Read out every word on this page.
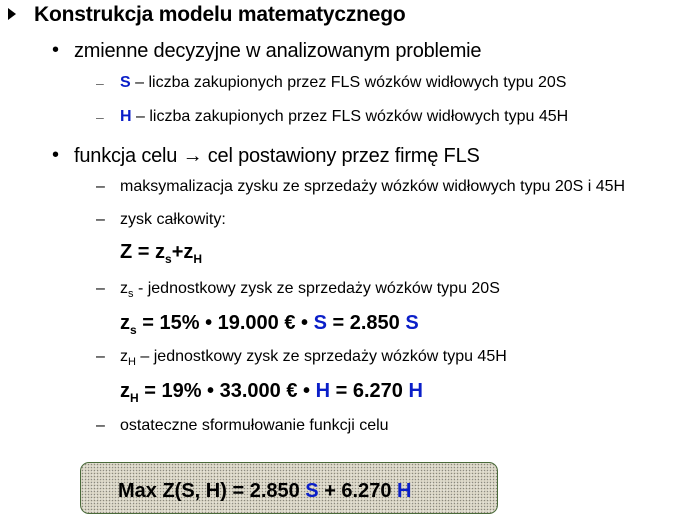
Konstrukcja modelu matematycznego
• zmienne decyzyjne w analizowanym problemie
– S – liczba zakupionych przez FLS wózków widłowych typu 20S
– H – liczba zakupionych przez FLS wózków widłowych typu 45H
• funkcja celu → cel postawiony przez firmę FLS
– maksymalizacja zysku ze sprzedaży wózków widłowych typu 20S i 45H
– zysk całkowity:
$Z = z_s+z_H$
– $z_s$ - jednostkowy zysk ze sprzedaży wózków typu 20S
$z_s = 15\%$ • 19.000 € • S = 2.850 S
– $z_H$ – jednostkowy zysk ze sprzedaży wózków typu 45H
$z_H = 19\%$ • 33.000 € • H = 6.270 H
– ostateczne sformułowanie funkcji celu
Max Z(S, H) = 2.850 S + 6.270 H
